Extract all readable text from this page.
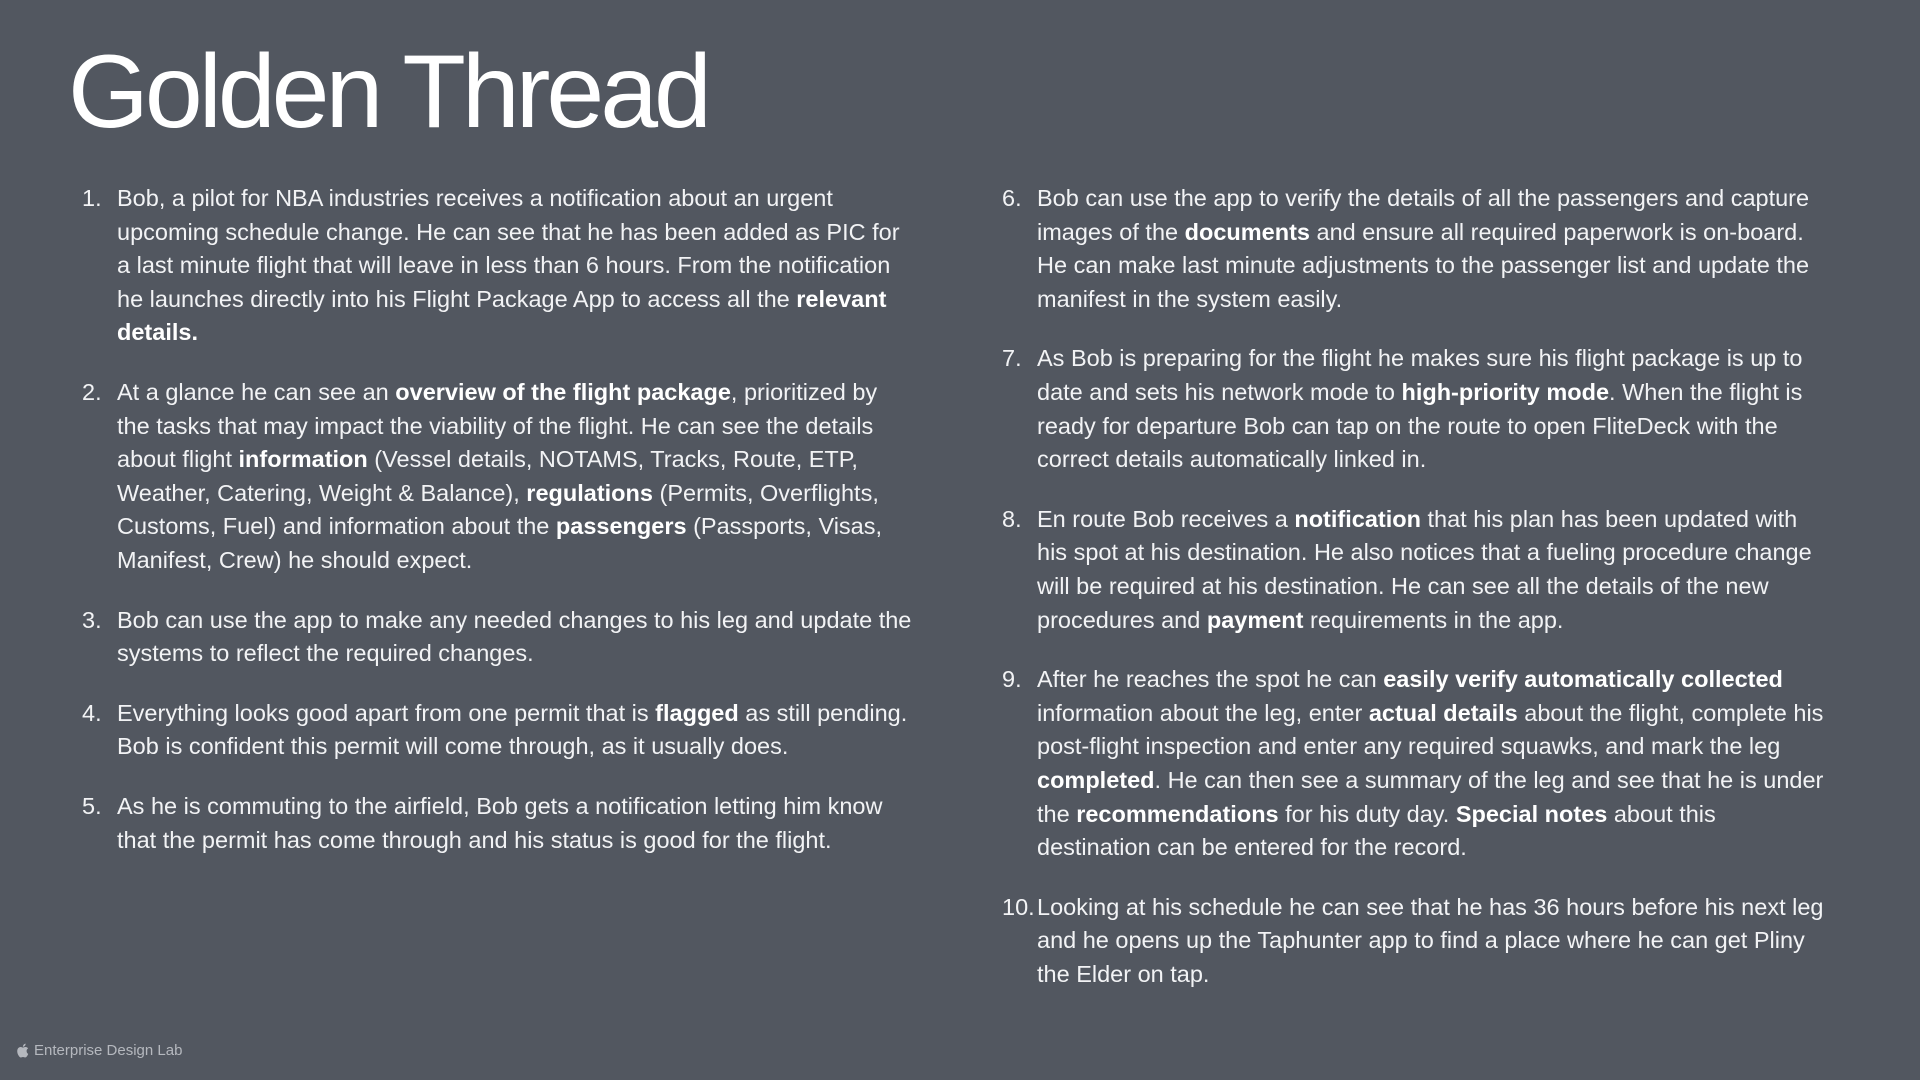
Golden Thread
1. Bob, a pilot for NBA industries receives a notification about an urgent upcoming schedule change. He can see that he has been added as PIC for a last minute flight that will leave in less than 6 hours. From the notification he launches directly into his Flight Package App to access all the relevant details.
2. At a glance he can see an overview of the flight package, prioritized by the tasks that may impact the viability of the flight. He can see the details about flight information (Vessel details, NOTAMS, Tracks, Route, ETP, Weather, Catering, Weight & Balance), regulations (Permits, Overflights, Customs, Fuel) and information about the passengers (Passports, Visas, Manifest, Crew) he should expect.
3. Bob can use the app to make any needed changes to his leg and update the systems to reflect the required changes.
4. Everything looks good apart from one permit that is flagged as still pending. Bob is confident this permit will come through, as it usually does.
5. As he is commuting to the airfield, Bob gets a notification letting him know that the permit has come through and his status is good for the flight.
6. Bob can use the app to verify the details of all the passengers and capture images of the documents and ensure all required paperwork is on-board. He can make last minute adjustments to the passenger list and update the manifest in the system easily.
7. As Bob is preparing for the flight he makes sure his flight package is up to date and sets his network mode to high-priority mode. When the flight is ready for departure Bob can tap on the route to open FliteDeck with the correct details automatically linked in.
8. En route Bob receives a notification that his plan has been updated with his spot at his destination. He also notices that a fueling procedure change will be required at his destination. He can see all the details of the new procedures and payment requirements in the app.
9. After he reaches the spot he can easily verify automatically collected information about the leg, enter actual details about the flight, complete his post-flight inspection and enter any required squawks, and mark the leg completed. He can then see a summary of the leg and see that he is under the recommendations for his duty day. Special notes about this destination can be entered for the record.
10. Looking at his schedule he can see that he has 36 hours before his next leg and he opens up the Taphunter app to find a place where he can get Pliny the Elder on tap.
Enterprise Design Lab
